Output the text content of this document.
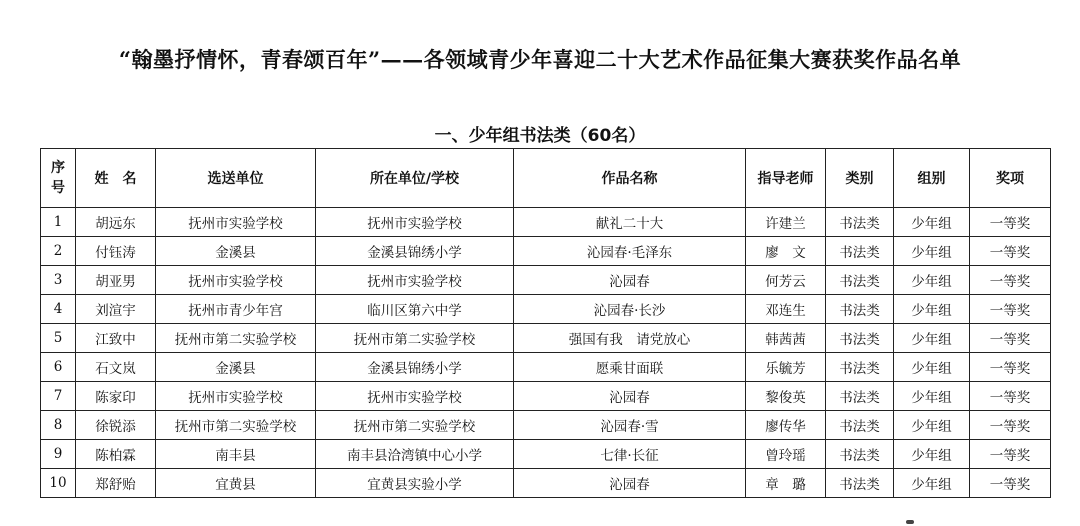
“翰墨抒情怀，青春颂百年”——各领域青少年喜迎二十大艺术作品征集大赛获奖作品名单
一、少年组书法类（60名）
序
号	姓　名	选送单位	所在单位/学校	作品名称	指导老师	类别	组别	奖项
1	胡远东	抚州市实验学校	抚州市实验学校	献礼二十大	许建兰	书法类	少年组	一等奖
2	付钰涛	金溪县	金溪县锦绣小学	沁园春·毛泽东	廖　文	书法类	少年组	一等奖
3	胡亚男	抚州市实验学校	抚州市实验学校	沁园春	何芳云	书法类	少年组	一等奖
4	刘渲宇	抚州市青少年宫	临川区第六中学	沁园春·长沙	邓连生	书法类	少年组	一等奖
5	江致中	抚州市第二实验学校	抚州市第二实验学校	强国有我　请党放心	韩茜茜	书法类	少年组	一等奖
6	石文岚	金溪县	金溪县锦绣小学	愿乘甘面联	乐毓芳	书法类	少年组	一等奖
7	陈家印	抚州市实验学校	抚州市实验学校	沁园春	黎俊英	书法类	少年组	一等奖
8	徐锐添	抚州市第二实验学校	抚州市第二实验学校	沁园春·雪	廖传华	书法类	少年组	一等奖
9	陈柏霖	南丰县	南丰县洽湾镇中心小学	七律·长征	曾玲瑶	书法类	少年组	一等奖
10	郑舒贻	宜黄县	宜黄县实验小学	沁园春	章　璐	书法类	少年组	一等奖
